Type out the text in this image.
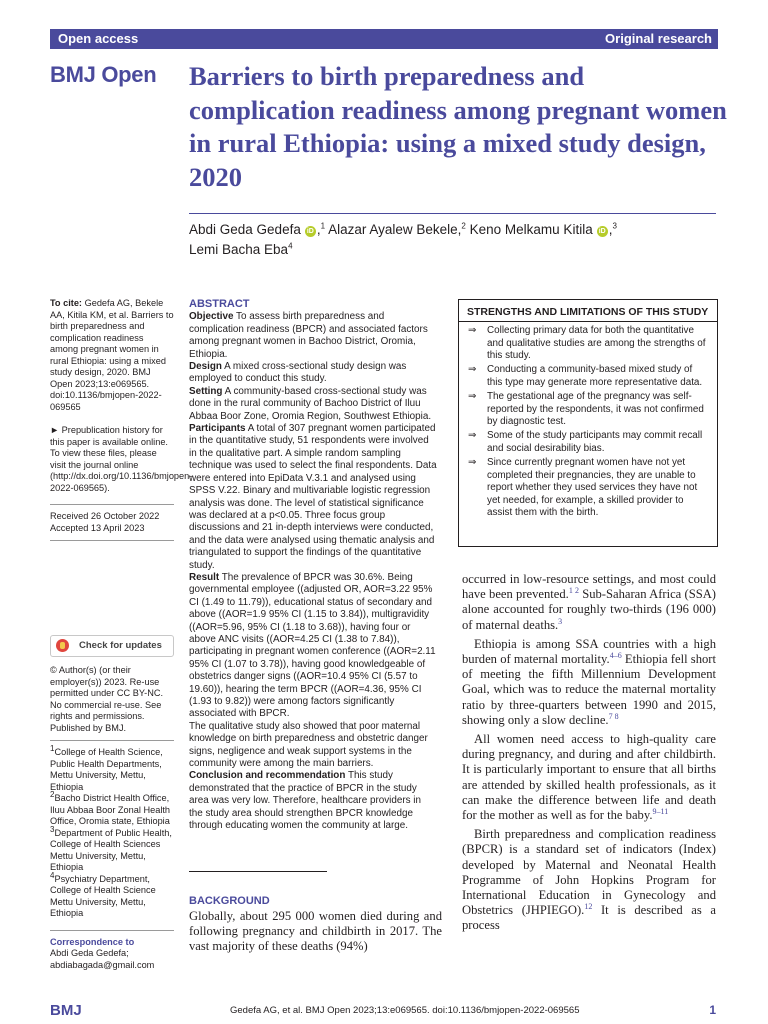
Open access	Original research
BMJ Open Barriers to birth preparedness and complication readiness among pregnant women in rural Ethiopia: using a mixed study design, 2020
Abdi Geda Gedefa iD ,$^1$ Alazar Ayalew Bekele,$^2$ Keno Melkamu Kitila iD ,$^3$
Lemi Bacha Eba$^4$

To cite: Gedefa AG, Bekele AA, Kitila KM, et al. Barriers to birth preparedness and complication readiness among pregnant women in rural Ethiopia: using a mixed study design, 2020. BMJ Open 2023;13:e069565. doi:10.1136/bmjopen-2022-069565

► Prepublication history for this paper is available online. To view these files, please visit the journal online (http://dx.doi.org/10.1136/bmjopen-2022-069565).

Received 26 October 2022

Accepted 13 April 2023

Check for updates

© Author(s) (or their employer(s)) 2023. Re-use permitted under CC BY-NC. No commercial re-use. See rights and permissions. Published by BMJ.

$^1$College of Health Science, Public Health Departments, Mettu University, Mettu, Ethiopia

$^2$Bacho District Health Office, Iluu Abbaa Boor Zonal Health Office, Oromia state, Ethiopia

$^3$Department of Public Health, College of Health Sciences Mettu University, Mettu, Ethiopia

$^4$Psychiatry Department, College of Health Science Mettu University, Mettu, Ethiopia

Correspondence to

Abdi Geda Gedefa;

abdiabagada@gmail.com

ABSTRACT

Objective To assess birth preparedness and complication readiness (BPCR) and associated factors among pregnant women in Bachoo District, Oromia, Ethiopia.

Design A mixed cross-sectional study design was employed to conduct this study.

Setting A community-based cross-sectional study was done in the rural community of Bachoo District of Iluu Abbaa Boor Zone, Oromia Region, Southwest Ethiopia.

Participants A total of 307 pregnant women participated in the quantitative study, 51 respondents were involved in the qualitative part. A simple random sampling technique was used to select the final respondents. Data were entered into EpiData V.3.1 and analysed using SPSS V.22. Binary and multivariable logistic regression analysis was done. The level of statistical significance was declared at a p<0.05. Three focus group discussions and 21 in-depth interviews were conducted, and the data were analysed using thematic analysis and triangulated to support the findings of the quantitative study.

Result The prevalence of BPCR was 30.6%. Being governmental employee ((adjusted OR, AOR=3.22 95% CI (1.49 to 11.79)), educational status of secondary and above ((AOR=1.9 95% CI (1.15 to 3.84)), multigravidity ((AOR=5.96, 95% CI (1.18 to 3.68)), having four or above ANC visits ((AOR=4.25 CI (1.38 to 7.84)), participating in pregnant women conference ((AOR=2.11 95% CI (1.07 to 3.78)), having good knowledgeable of obstetrics danger signs ((AOR=10.4 95% CI (5.57 to 19.60)), hearing the term BPCR ((AOR=4.36, 95% CI (1.93 to 9.82)) were among factors significantly associated with BPCR.

The qualitative study also showed that poor maternal knowledge on birth preparedness and obstetric danger signs, negligence and weak support systems in the community were among the main barriers.

Conclusion and recommendation This study demonstrated that the practice of BPCR in the study area was very low. Therefore, healthcare providers in the study area should strengthen BPCR knowledge through educating women the community at large.

BACKGROUND
Globally, about 295 000 women died during and following pregnancy and childbirth in 2017. The vast majority of these deaths (94%)
STRENGTHS AND LIMITATIONS OF THIS STUDY
⇒ Collecting primary data for both the quantitative and qualitative studies are among the strengths of this study.
⇒ Conducting a community-based mixed study of this type may generate more representative data.
⇒ The gestational age of the pregnancy was self-reported by the respondents, it was not confirmed by diagnostic test.
⇒ Some of the study participants may commit recall and social desirability bias.
⇒ Since currently pregnant women have not yet completed their pregnancies, they are unable to report whether they used services they have not yet needed, for example, a skilled provider to assist them with the birth.

occurred in low-resource settings, and most could have been prevented.$^{1 2}$ Sub-Saharan Africa (SSA) alone accounted for roughly two-thirds (196 000) of maternal deaths.$^3$

Ethiopia is among SSA countries with a high burden of maternal mortality.$^{4-6}$ Ethiopia fell short of meeting the fifth Millennium Development Goal, which was to reduce the maternal mortality ratio by three-quarters between 1990 and 2015, showing only a slow decline.$^{7 8}$

All women need access to high-quality care during pregnancy, and during and after childbirth. It is particularly important to ensure that all births are attended by skilled health professionals, as it can make the difference between life and death for the mother as well as for the baby.$^{9-11}$

Birth preparedness and complication readiness (BPCR) is a standard set of indicators (Index) developed by Maternal and Neonatal Health Programme of John Hopkins Program for International Education in Gynecology and Obstetrics (JHPIEGO).$^{12}$ It is described as a process

BMJ	Gedefa AG, et al. BMJ Open 2023;13:e069565. doi:10.1136/bmjopen-2022-069565	1
